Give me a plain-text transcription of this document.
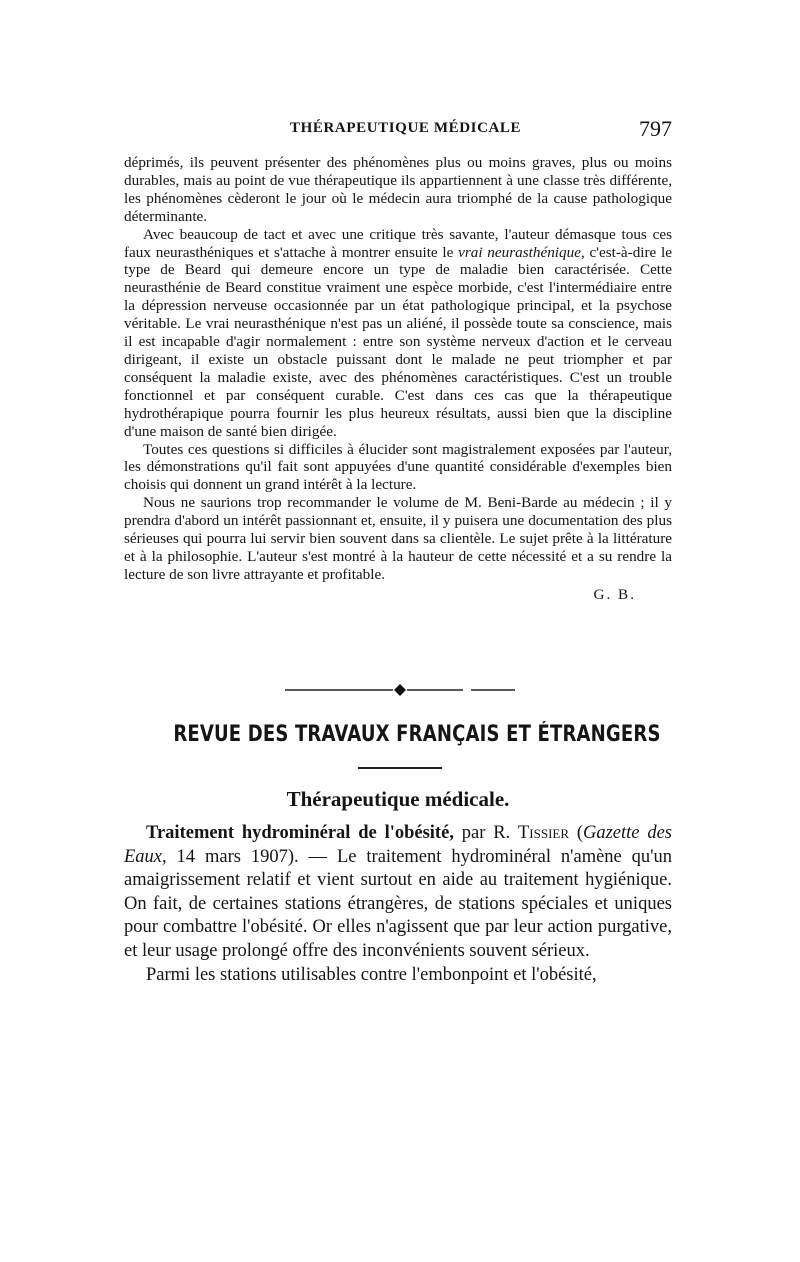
THÉRAPEUTIQUE MÉDICALE	797

déprimés, ils peuvent présenter des phénomènes plus ou moins graves, plus ou moins durables, mais au point de vue thérapeutique ils appartiennent à une classe très différente, les phénomènes cèderont le jour où le médecin aura triomphé de la cause pathologique déterminante.

Avec beaucoup de tact et avec une critique très savante, l'auteur démasque tous ces faux neurasthéniques et s'attache à montrer ensuite le vrai neurasthénique, c'est-à-dire le type de Beard qui demeure encore un type de maladie bien caractérisée. Cette neurasthénie de Beard constitue vraiment une espèce morbide, c'est l'intermédiaire entre la dépression nerveuse occasionnée par un état pathologique principal, et la psychose véritable. Le vrai neurasthénique n'est pas un aliéné, il possède toute sa conscience, mais il est incapable d'agir normalement : entre son système nerveux d'action et le cerveau dirigeant, il existe un obstacle puissant dont le malade ne peut triompher et par conséquent la maladie existe, avec des phénomènes caractéristiques. C'est un trouble fonctionnel et par conséquent curable. C'est dans ces cas que la thérapeutique hydrothérapique pourra fournir les plus heureux résultats, aussi bien que la discipline d'une maison de santé bien dirigée.

Toutes ces questions si difficiles à élucider sont magistralement exposées par l'auteur, les démonstrations qu'il fait sont appuyées d'une quantité considérable d'exemples bien choisis qui donnent un grand intérêt à la lecture.

Nous ne saurions trop recommander le volume de M. Beni-Barde au médecin ; il y prendra d'abord un intérêt passionnant et, ensuite, il y puisera une documentation des plus sérieuses qui pourra lui servir bien souvent dans sa clientèle. Le sujet prête à la littérature et à la philosophie. L'auteur s'est montré à la hauteur de cette nécessité et a su rendre la lecture de son livre attrayante et profitable.

G. B.
REVUE DES TRAVAUX FRANÇAIS ET ÉTRANGERS
Thérapeutique médicale.

Traitement hydrominéral de l'obésité, par R. Tissier (Gazette des Eaux, 14 mars 1907). — Le traitement hydrominéral n'amène qu'un amaigrissement relatif et vient surtout en aide au traitement hygiénique. On fait, de certaines stations étrangères, de stations spéciales et uniques pour combattre l'obésité. Or elles n'agissent que par leur action purgative, et leur usage prolongé offre des inconvénients souvent sérieux.

Parmi les stations utilisables contre l'embonpoint et l'obésité,
